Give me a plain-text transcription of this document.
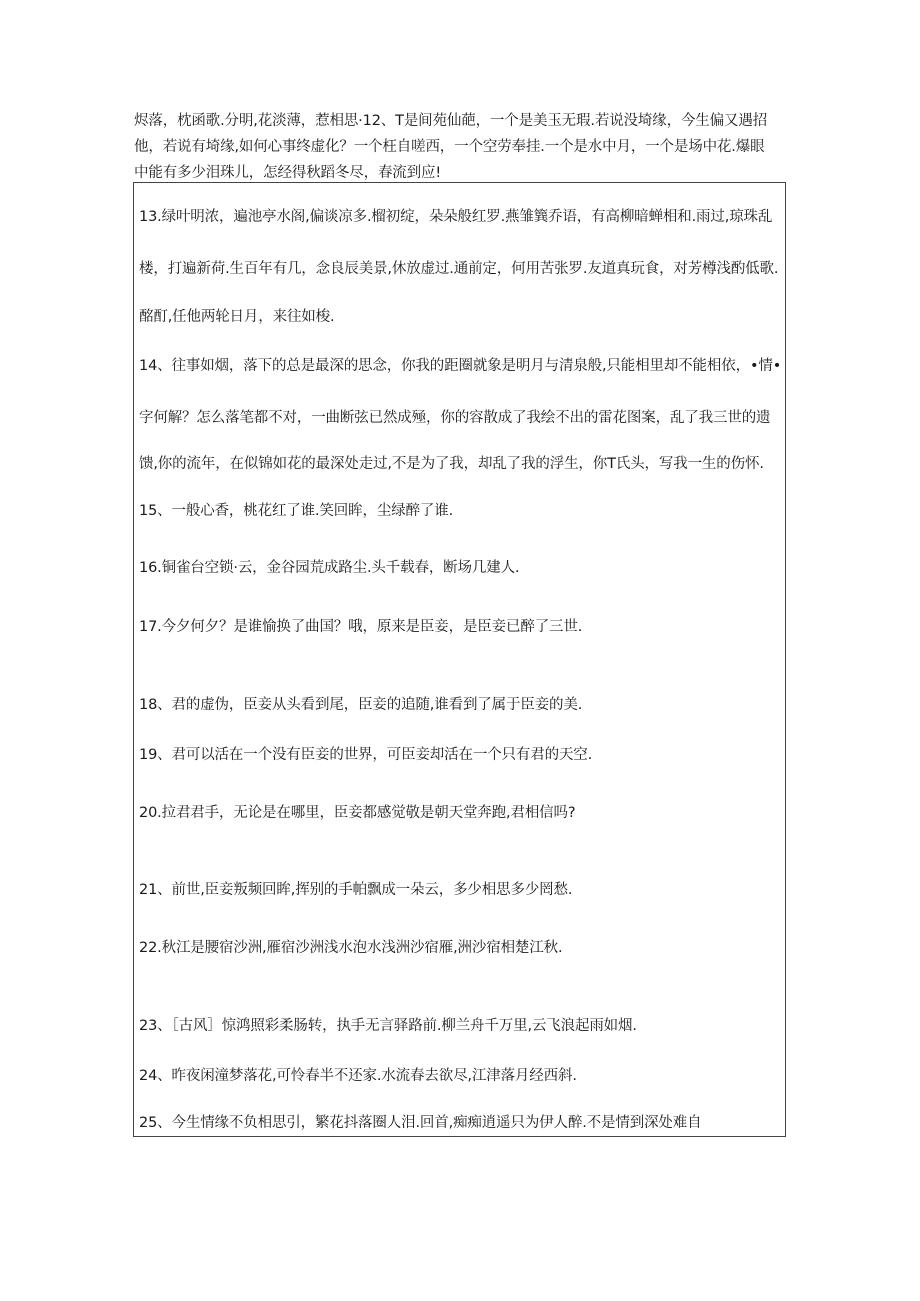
烬落，枕函歌.分明,花淡薄，惹相思·12、T是间苑仙葩，一个是美玉无瑕.若说没埼缘，今生偏又遇招
他，若说有埼缘,如何心事终虚化？一个枉自嗟西，一个空劳奉挂.一个是水中月，一个是场中花.爆眼
中能有多少泪珠儿，怎经得秋蹈冬尽，春流到应!
13.绿叶明浓，遍池亭水阁,偏谈凉多.榴初绽，朵朵般红罗.燕雏簨乔语，有高柳暗蝉相和.雨过,琼珠乱
楼，打遍新荷.生百年有几，念良辰美景,休放虚过.通前定，何用苦张罗.友道真玩食，对芳樽浅酌低歌.
酩酊,任他两轮日月，来往如梭.
14、往事如烟，落下的总是最深的思念，你我的距圈就象是明月与清泉般,只能相里却不能相依，•情•
字何解？怎么落笔都不对，一曲断弦已然成殛，你的容散成了我绘不出的雷花图案，乱了我三世的遗
馈,你的流年，在似锦如花的最深处走过,不是为了我，却乱了我的浮生，你T氏头，写我一生的伤怀.
15、一般心香，桃花红了谁.笑回眸，尘绿醉了谁.
16.铜雀台空锁·云，金谷园荒成路尘.头千载春，断场几建人.
17.今夕何夕？是谁愉换了曲国？哦，原来是臣妾，是臣妾已醉了三世.
18、君的虚伪，臣妾从头看到尾，臣妾的追随,谁看到了属于臣妾的美.
19、君可以活在一个没有臣妾的世界，可臣妾却活在一个只有君的天空.
20.拉君君手，无论是在哪里，臣妾都感觉敬是朝天堂奔跑,君相信吗?
21、前世,臣妾叛频回眸,挥别的手帕飘成一朵云，多少相思多少罔愁.
22.秋江是腰宿沙洲,雁宿沙洲浅水泡水浅洲沙宿雁,洲沙宿相楚江秋.
23、［古风］惊鸿照彩柔肠转，执手无言驿路前.柳兰舟千万里,云飞浪起雨如烟.
24、昨夜闲潼梦落花,可怜春半不还家.水流春去欲尽,江津落月经西斜.
25、今生情缘不负相思引，繁花抖落圈人泪.回首,痴痴逍遥只为伊人醉.不是情到深处难自
